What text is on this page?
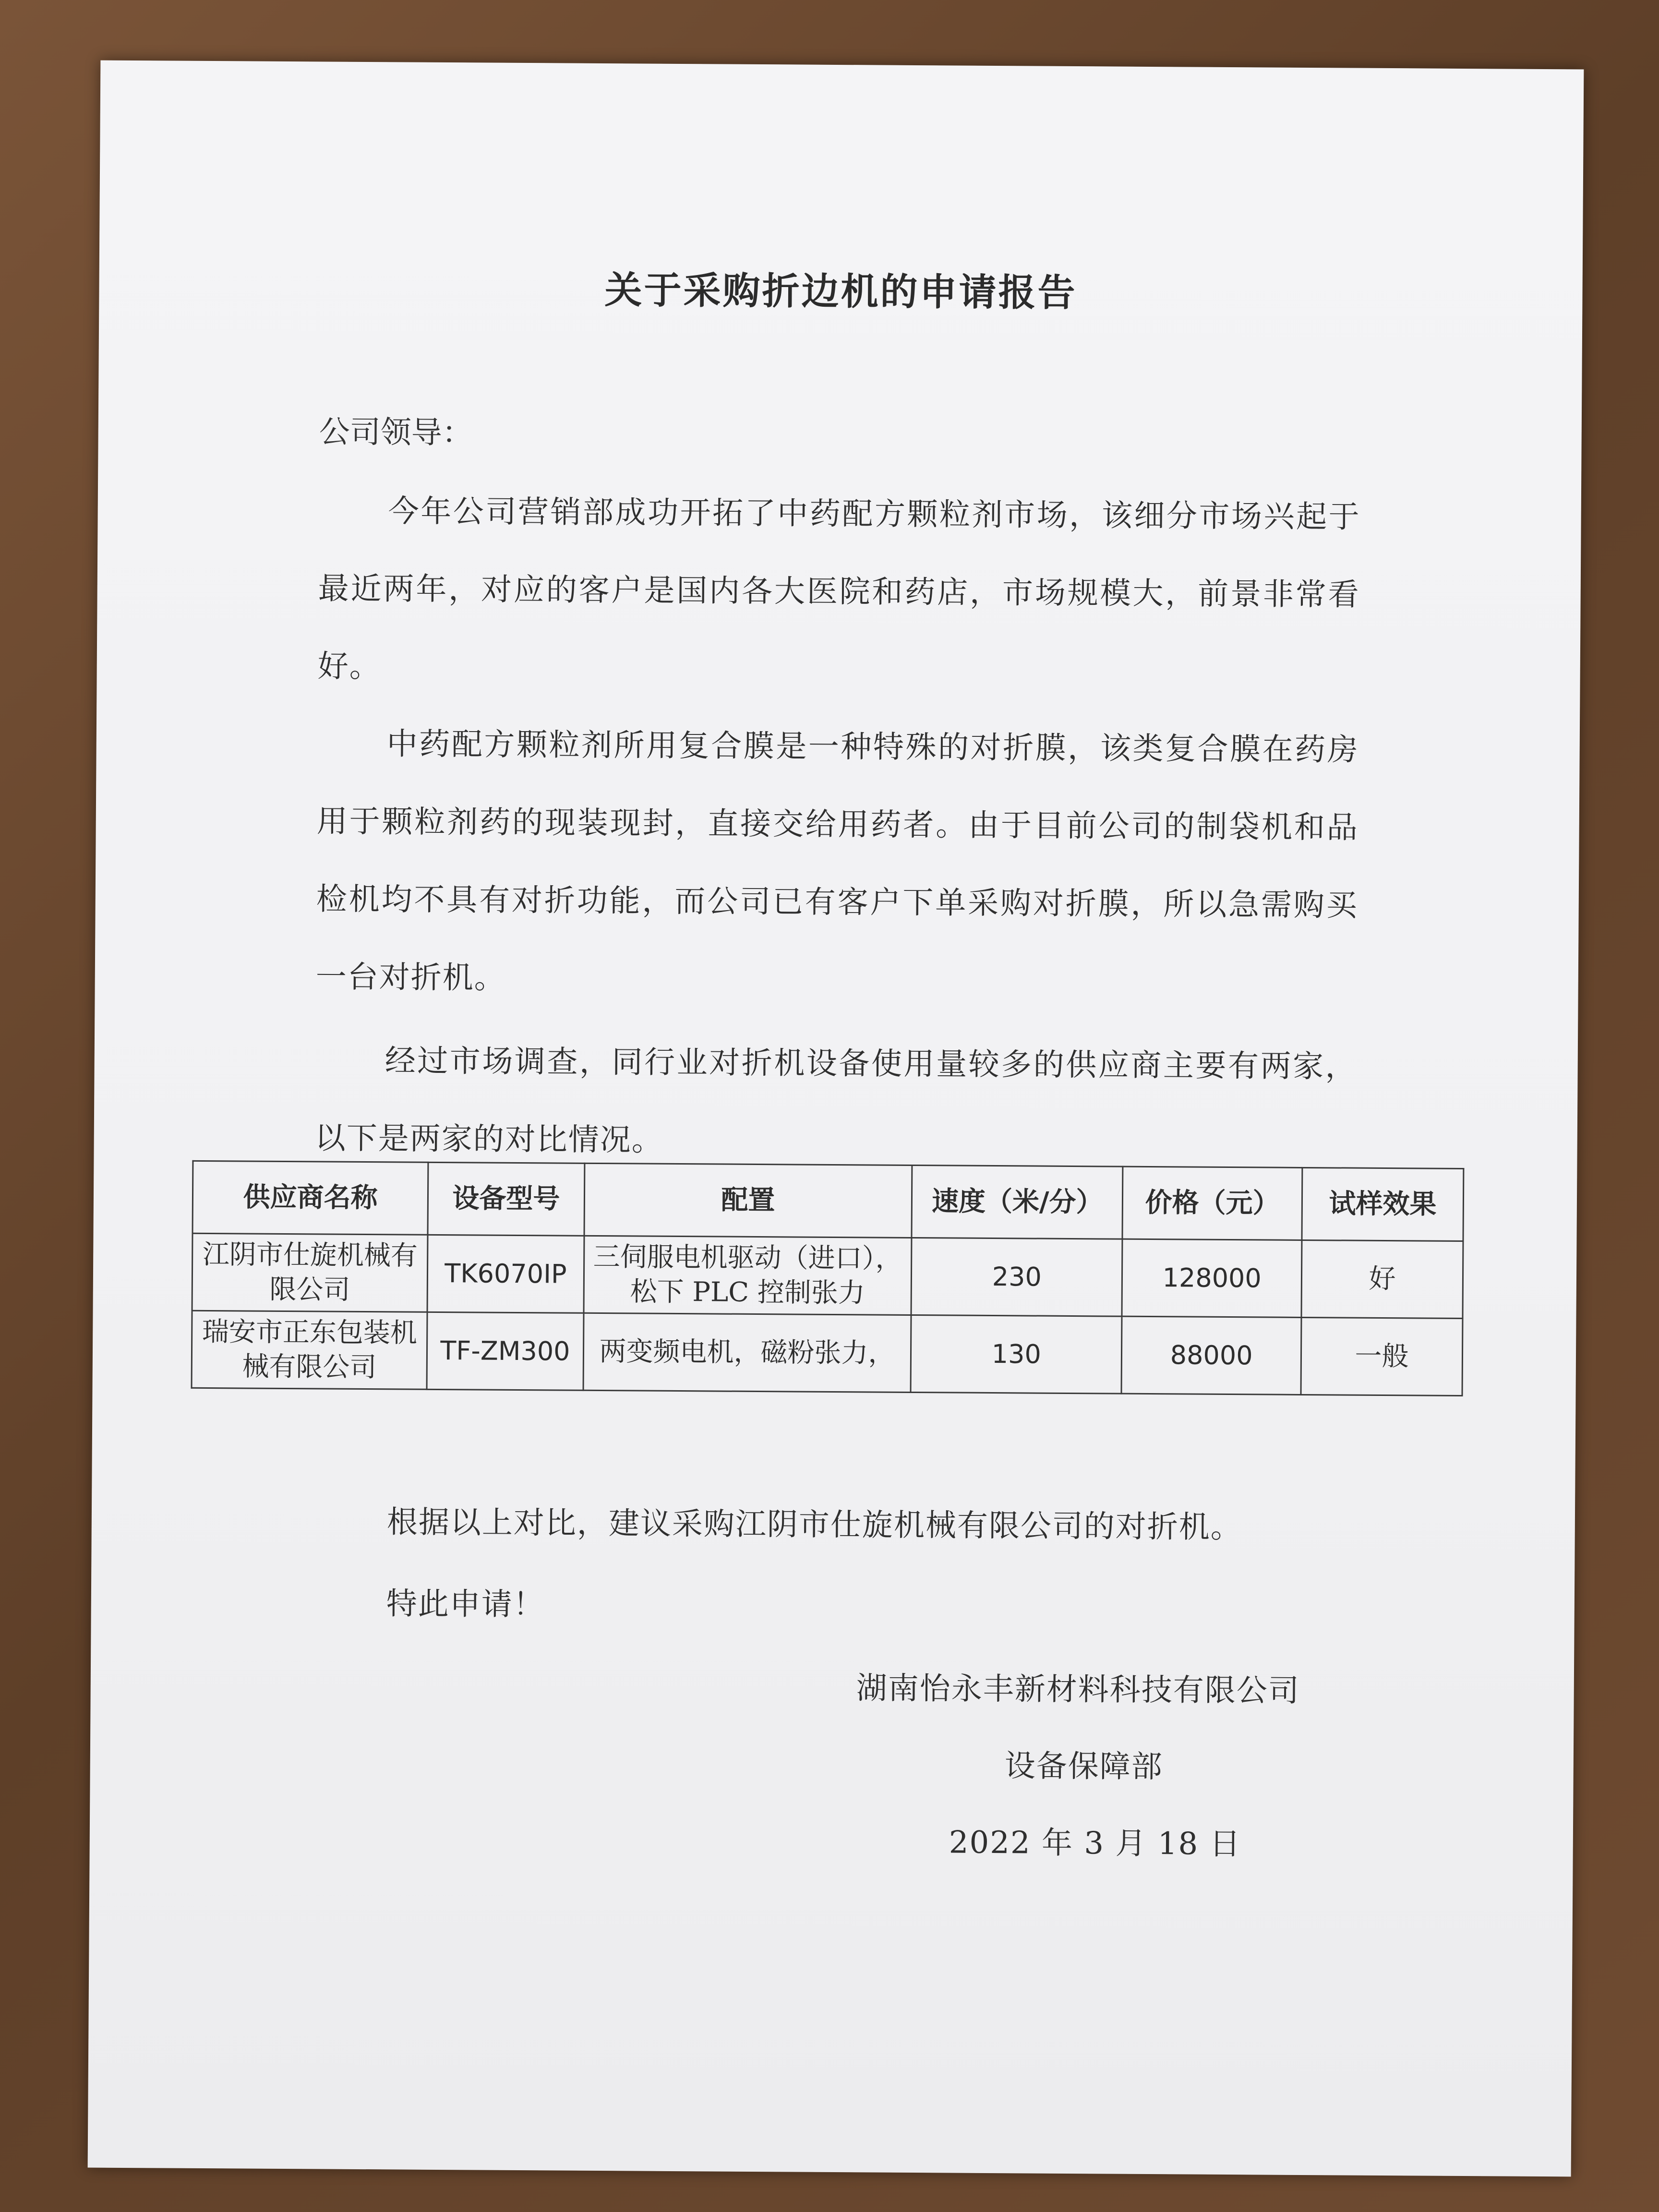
关于采购折边机的申请报告
公司领导：
今年公司营销部成功开拓了中药配方颗粒剂市场，该细分市场兴起于最近两年，对应的客户是国内各大医院和药店，市场规模大，前景非常看好。
中药配方颗粒剂所用复合膜是一种特殊的对折膜，该类复合膜在药房用于颗粒剂药的现装现封，直接交给用药者。由于目前公司的制袋机和品检机均不具有对折功能，而公司已有客户下单采购对折膜，所以急需购买一台对折机。
经过市场调查，同行业对折机设备使用量较多的供应商主要有两家，以下是两家的对比情况。
供应商名称	设备型号	配置	速度（米/分）	价格（元）	试样效果
江阴市仕旋机械有限公司	TK6070IP	三伺服电机驱动（进口），松下 PLC 控制张力	230	128000	好
瑞安市正东包装机械有限公司	TF-ZM300	两变频电机，磁粉张力，	130	88000	一般
根据以上对比，建议采购江阴市仕旋机械有限公司的对折机。
特此申请！
湖南怡永丰新材料科技有限公司
设备保障部
2022 年 3 月 18 日
